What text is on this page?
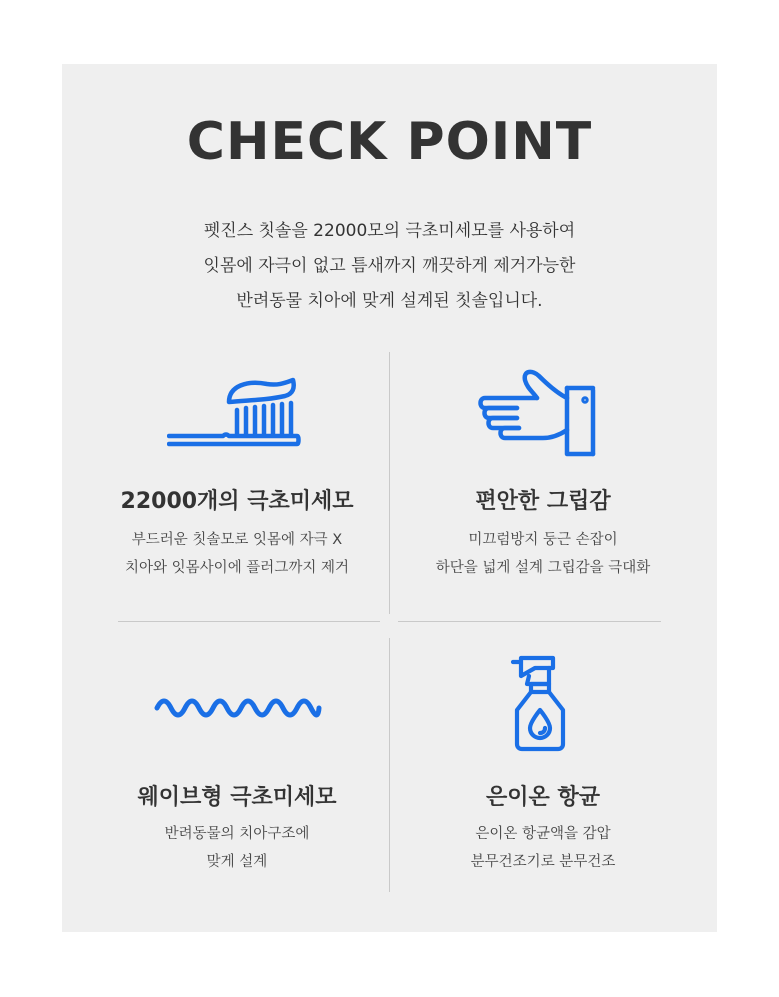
CHECK POINT
펫진스 칫솔을 22000모의 극초미세모를 사용하여
잇몸에 자극이 없고 틈새까지 깨끗하게 제거가능한
반려동물 치아에 맞게 설계된 칫솔입니다.
22000개의 극초미세모
부드러운 칫솔모로 잇몸에 자극 X
치아와 잇몸사이에 플러그까지 제거
편안한 그립감
미끄럼방지 둥근 손잡이
하단을 넓게 설계 그립감을 극대화
웨이브형 극초미세모
반려동물의 치아구조에
맞게 설계
은이온 항균
은이온 항균액을 감압
분무건조기로 분무건조
